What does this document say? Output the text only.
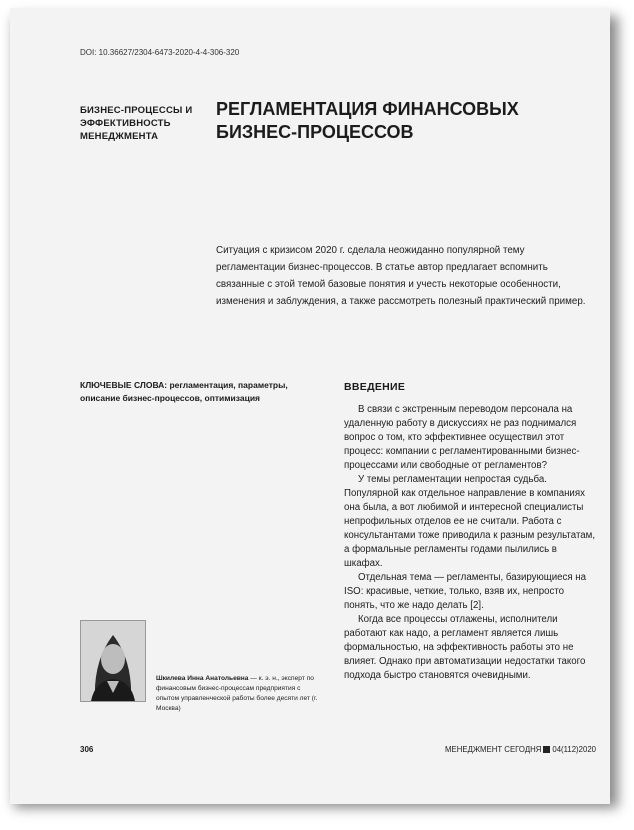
DOI: 10.36627/2304-6473-2020-4-4-306-320
БИЗНЕС-ПРОЦЕССЫ И ЭФФЕКТИВНОСТЬ МЕНЕДЖМЕНТА
РЕГЛАМЕНТАЦИЯ ФИНАНСОВЫХ БИЗНЕС-ПРОЦЕССОВ
Ситуация с кризисом 2020 г. сделала неожиданно популярной тему регламентации бизнес-процессов. В статье автор предлагает вспомнить связанные с этой темой базовые понятия и учесть некоторые особенности, изменения и заблуждения, а также рассмотреть полезный практический пример.
КЛЮЧЕВЫЕ СЛОВА: регламентация, параметры, описание бизнес-процессов, оптимизация
Шкилева Инна Анатольевна — к. э. н., эксперт по финансовым бизнес-процессам предприятия с опытом управленческой работы более десяти лет (г. Москва)
ВВЕДЕНИЕ

В связи с экстренным переводом персонала на удаленную работу в дискуссиях не раз поднимался вопрос о том, кто эффективнее осуществил этот процесс: компании с регламентированными бизнес-процессами или свободные от регламентов?

У темы регламентации непростая судьба. Популярной как отдельное направление в компаниях она была, а вот любимой и интересной специалисты непрофильных отделов ее не считали. Работа с консультантами тоже приводила к разным результатам, а формальные регламенты годами пылились в шкафах.

Отдельная тема — регламенты, базирующиеся на ISO: красивые, четкие, только, взяв их, непросто понять, что же надо делать [2].

Когда все процессы отлажены, исполнители работают как надо, а регламент является лишь формальностью, на эффективность работы это не влияет. Однако при автоматизации недостатки такого подхода быстро становятся очевидными.

306	МЕНЕДЖМЕНТ СЕГОДНЯ 04(112)2020
